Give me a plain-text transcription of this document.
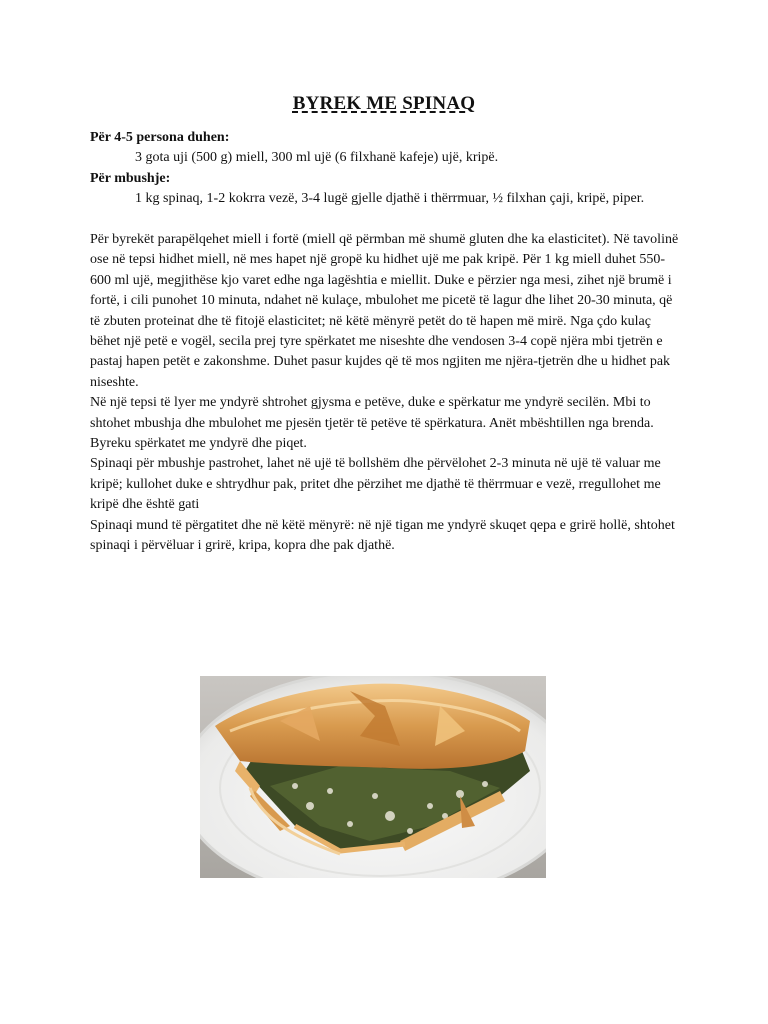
BYREK ME SPINAQ

Për 4-5 persona duhen:

3 gota uji (500 g) miell, 300 ml ujë (6 filxhanë kafeje) ujë, kripë.

Për mbushje:

1 kg spinaq, 1-2 kokrra vezë, 3-4 lugë gjelle djathë i thërrmuar, ½ filxhan çaji, kripë, piper.

Për byrekët parapëlqehet miell i fortë (miell që përmban më shumë gluten dhe ka elasticitet). Në tavolinë ose në tepsi hidhet miell, në mes hapet një gropë ku hidhet ujë me pak kripë. Për 1 kg miell duhet 550-600 ml ujë, megjithëse kjo varet edhe nga lagështia e miellit. Duke e përzier nga mesi, zihet një brumë i fortë, i cili punohet 10 minuta, ndahet në kulaçe, mbulohet me picetë të lagur dhe lihet 20-30 minuta, që të zbuten proteinat dhe të fitojë elasticitet; në këtë mënyrë petët do të hapen më mirë. Nga çdo kulaç bëhet një petë e vogël, secila prej tyre spërkatet me niseshte dhe vendosen 3-4 copë njëra mbi tjetrën e pastaj hapen petët e zakonshme. Duhet pasur kujdes që të mos ngjiten me njëra-tjetrën dhe u hidhet pak niseshte.

Në një tepsi të lyer me yndyrë shtrohet gjysma e petëve, duke e spërkatur me yndyrë secilën. Mbi to shtohet mbushja dhe mbulohet me pjesën tjetër të petëve të spërkatura. Anët mbështillen nga brenda. Byreku spërkatet me yndyrë dhe piqet.

Spinaqi për mbushje pastrohet, lahet në ujë të bollshëm dhe përvëlohet 2-3 minuta në ujë të valuar me kripë; kullohet duke e shtrydhur pak, pritet dhe përzihet me djathë të thërrmuar e vezë, rregullohet me kripë dhe është gati

Spinaqi mund të përgatitet dhe në këtë mënyrë: në një tigan me yndyrë skuqet qepa e grirë hollë, shtohet spinaqi i përvëluar i grirë, kripa, kopra dhe pak djathë.
